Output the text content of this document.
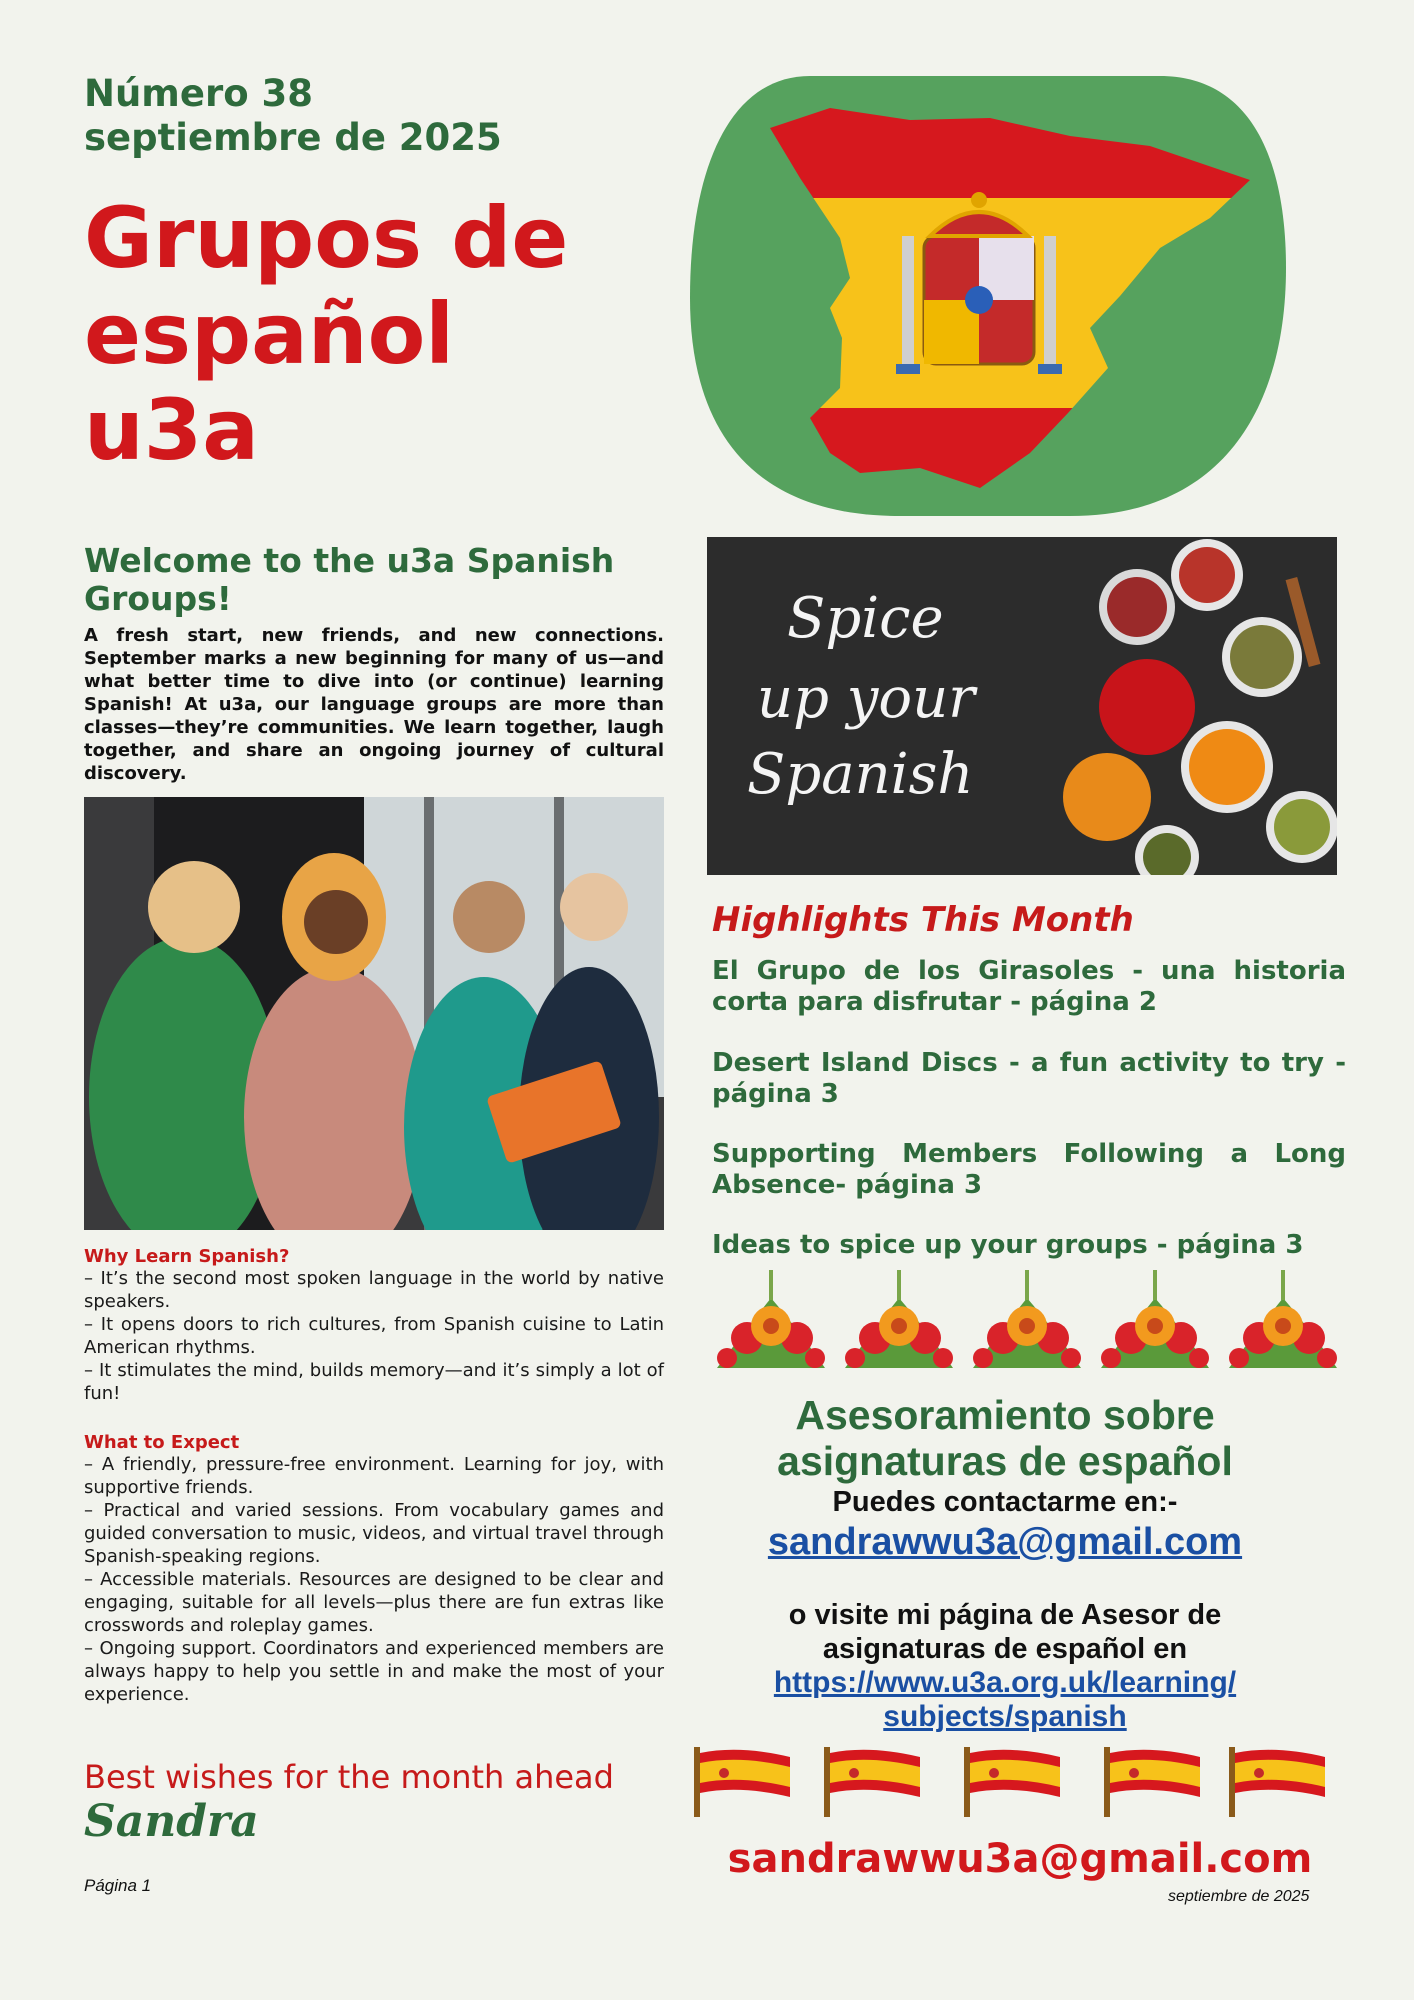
Número 38
septiembre de 2025
Grupos de
español
u3a
Welcome to the u3a Spanish Groups!
A fresh start, new friends, and new connections. September marks a new beginning for many of us—and what better time to dive into (or continue) learning Spanish! At u3a, our language groups are more than classes—they’re communities. We learn together, laugh together, and share an ongoing journey of cultural discovery.

Why Learn Spanish?

– It’s the second most spoken language in the world by native speakers.

– It opens doors to rich cultures, from Spanish cuisine to Latin American rhythms.

– It stimulates the mind, builds memory—and it’s simply a lot of fun!

What to Expect

– A friendly, pressure-free environment. Learning for joy, with supportive friends.

– Practical and varied sessions. From vocabulary games and guided conversation to music, videos, and virtual travel through Spanish-speaking regions.

– Accessible materials. Resources are designed to be clear and engaging, suitable for all levels—plus there are fun extras like crosswords and roleplay games.

– Ongoing support. Coordinators and experienced members are always happy to help you settle in and make the most of your experience.

Best wishes for the month ahead
Sandra
Página 1
Spice
up your
Spanish
Highlights This Month
El Grupo de los Girasoles - una historia corta para disfrutar - página 2
Desert Island Discs - a fun activity to try - página 3
Supporting Members Following a Long Absence- página 3
Ideas to spice up your groups - página 3
Asesoramiento sobre
asignaturas de español
Puedes contactarme en:-
sandrawwu3a@gmail.com
o visite mi página de Asesor de
asignaturas de español en
https://www.u3a.org.uk/learning/
subjects/spanish
sandrawwu3a@gmail.com
septiembre de 2025
